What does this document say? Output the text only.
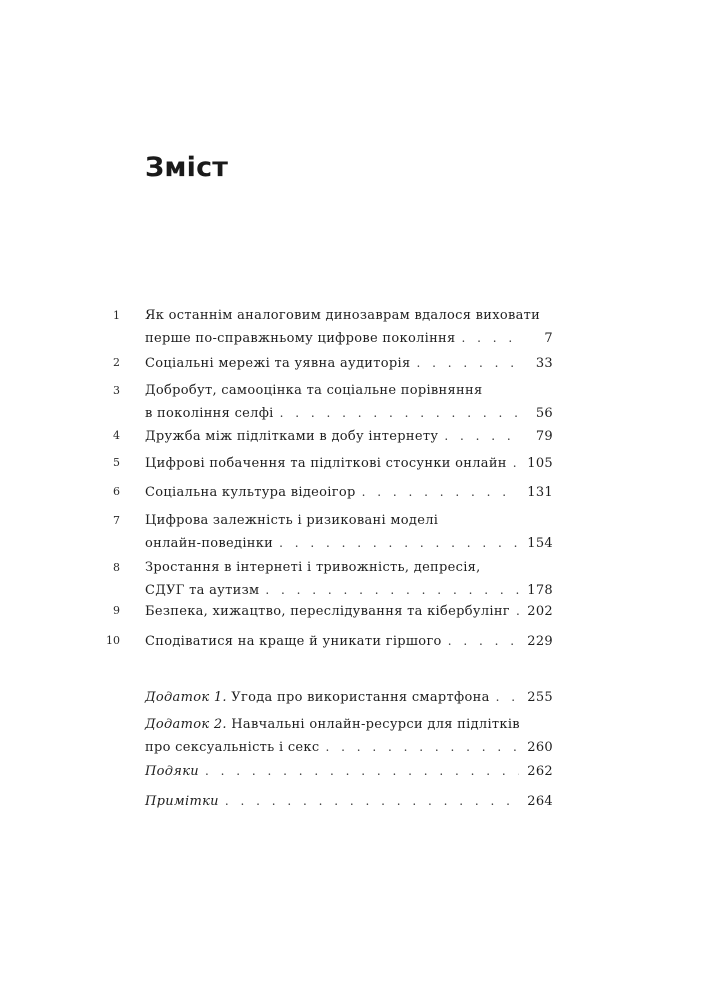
Зміст
1 Як останнім аналоговим динозаврам вдалося виховати
перше по-справжньому цифрове покоління . . .	7
2 Соціальні мережі та уявна аудиторія . . .	33
3 Добробут, самооцінка та соціальне порівняння
в покоління селфі . . .	56
4 Дружба між підлітками в добу інтернету . . .	79
5 Цифрові побачення та підліткові стосунки онлайн . . . 105
6 Соціальна культура відеоігор . . .	131
7 Цифрова залежність і ризиковані моделі
онлайн-поведінки . . .	154
8 Зростання в інтернеті і тривожність, депресія,
СДУГ та аутизм . . .	178
9 Безпека, хижацтво, переслідування та кібербулінг . . . 202
10 Сподіватися на краще й уникати гіршого . . .	229
Додаток 1. Угода про використання смартфона . . .	255
Додаток 2. Навчальні онлайн-ресурси для підлітків
про сексуальність і секс . . .	260
Подяки . . .	262
Примітки . . .	264
